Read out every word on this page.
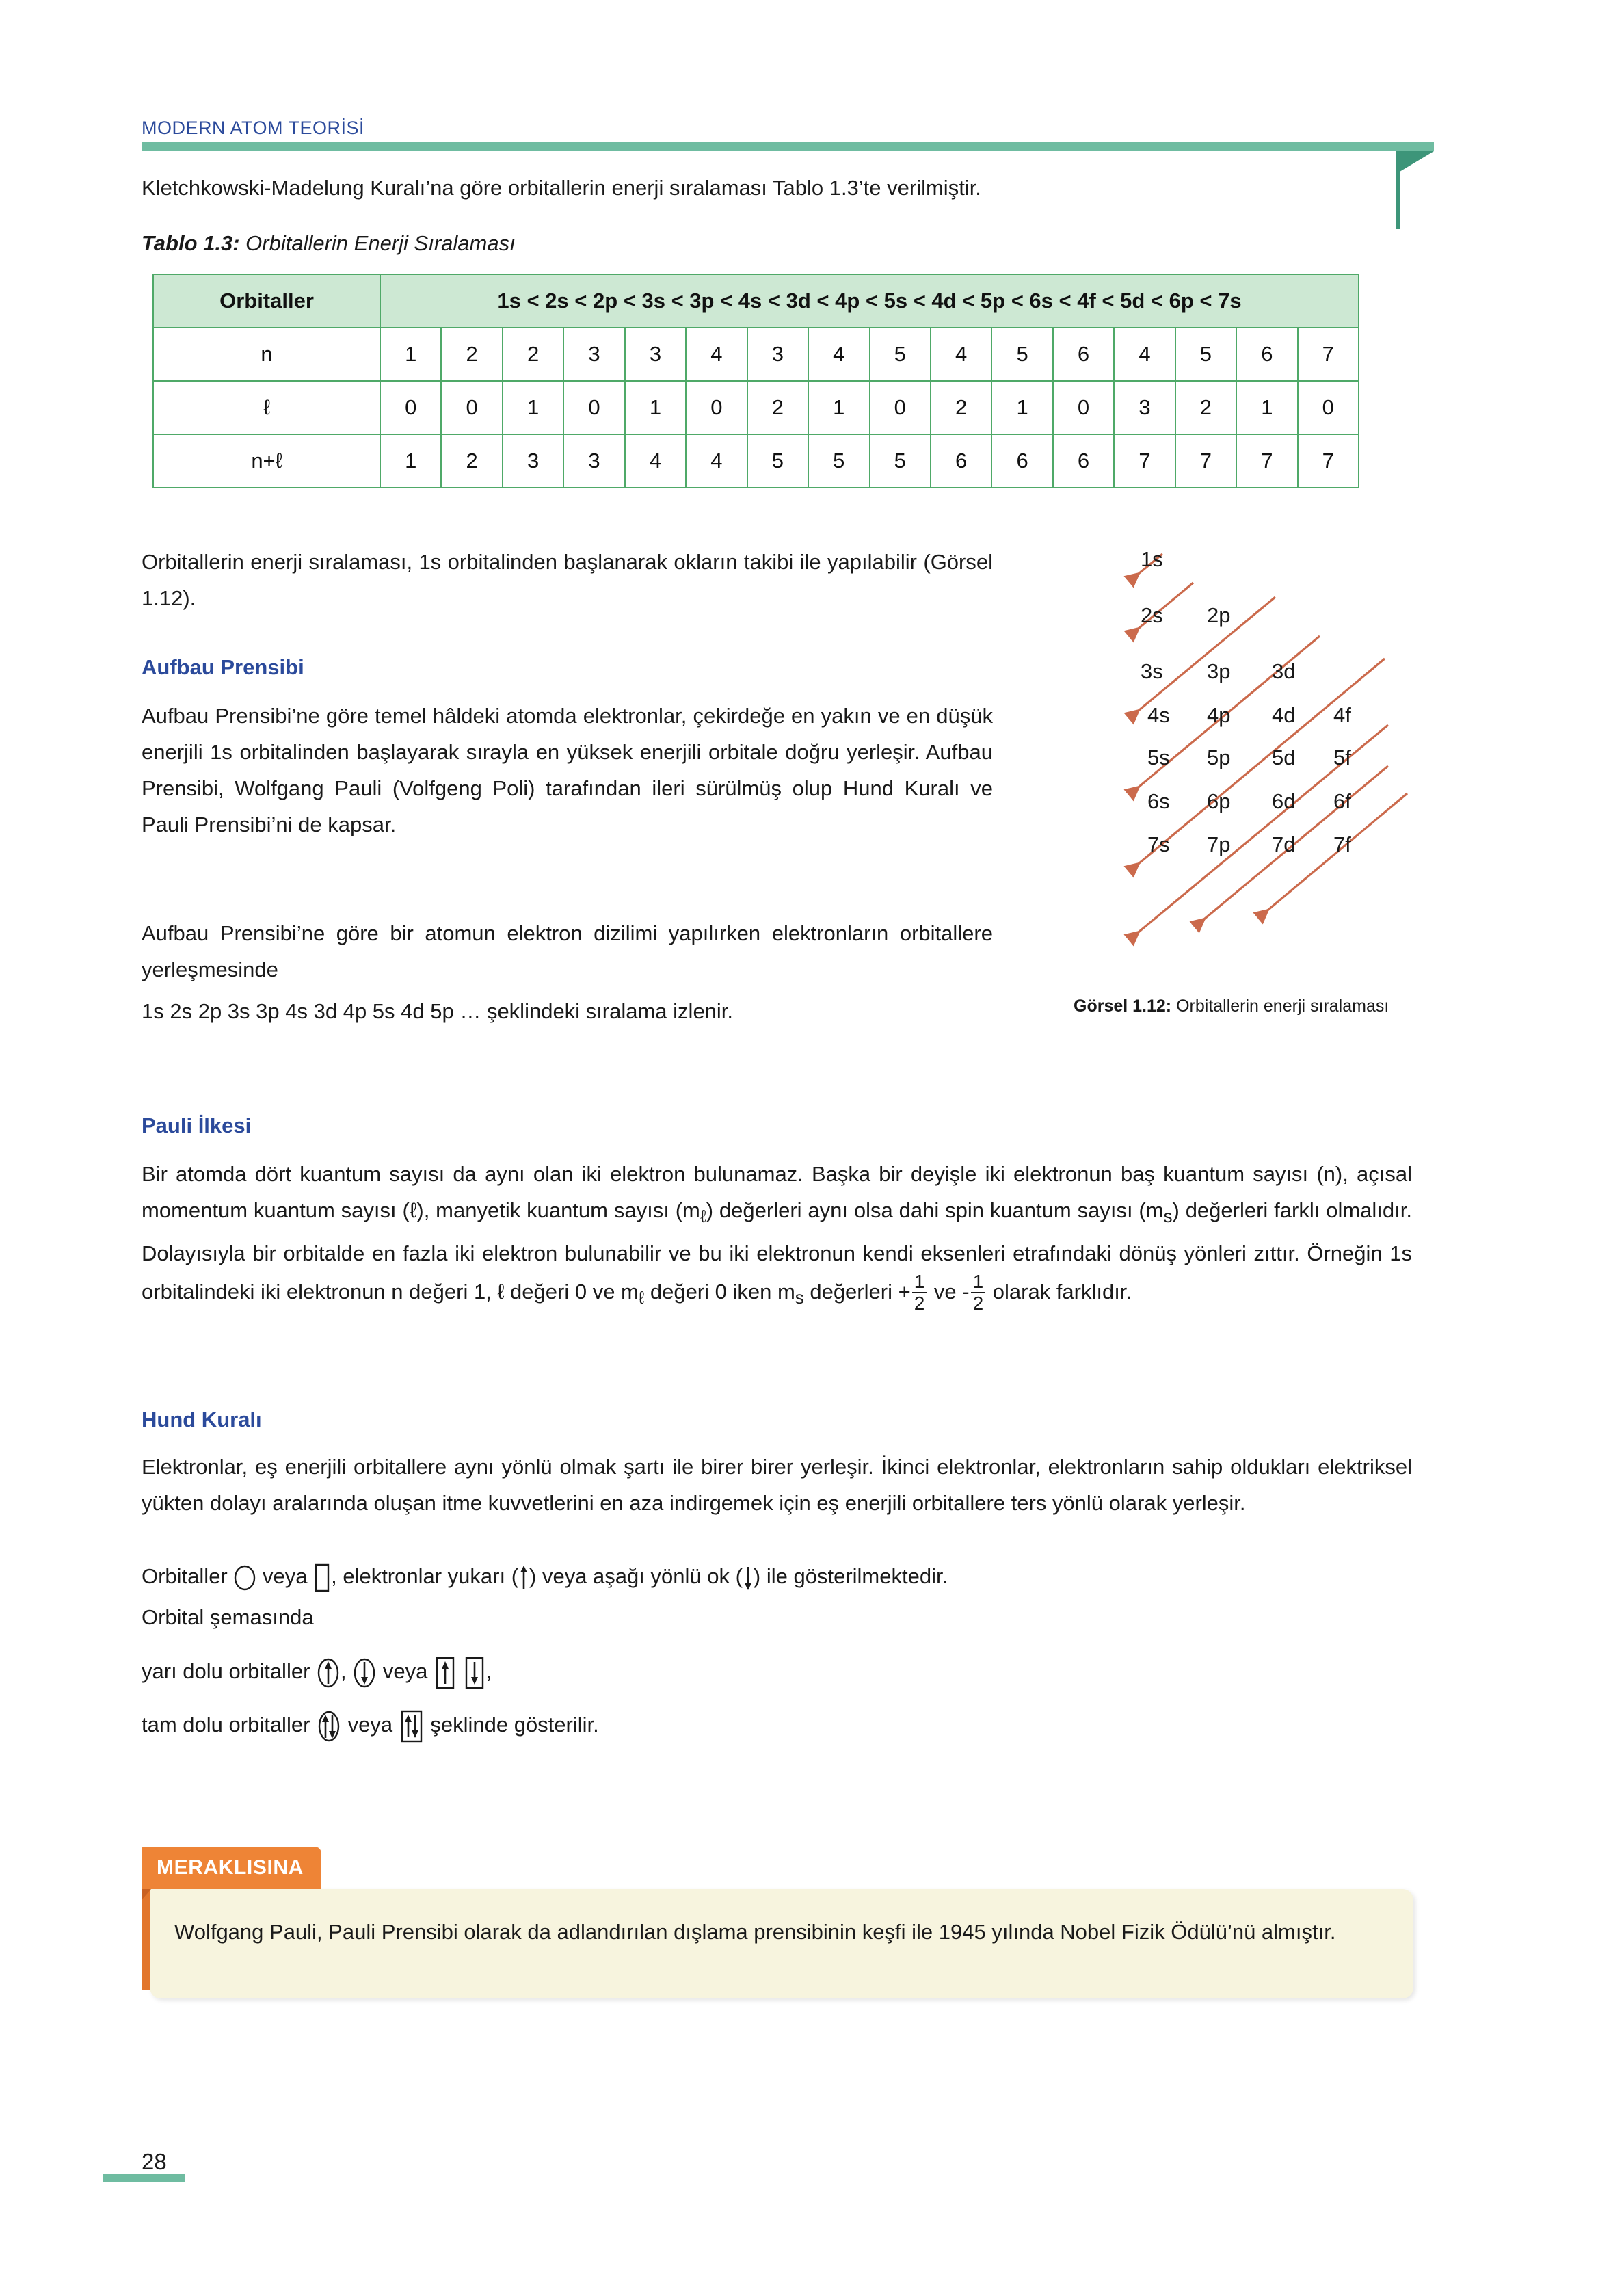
MODERN ATOM TEORİSİ
Kletchkowski-Madelung Kuralı’na göre orbitallerin enerji sıralaması Tablo 1.3’te verilmiştir.
Tablo 1.3: Orbitallerin Enerji Sıralaması
Orbitaller	1s < 2s < 2p < 3s < 3p < 4s < 3d < 4p < 5s < 4d < 5p < 6s < 4f < 5d < 6p < 7s															
n	1	2	2	3	3	4	3	4	5	4	5	6	4	5	6	7
ℓ	0	0	1	0	1	0	2	1	0	2	1	0	3	2	1	0
n+ℓ	1	2	3	3	4	4	5	5	5	6	6	6	7	7	7	7
Orbitallerin enerji sıralaması, 1s orbitalinden başlanarak okların takibi ile yapılabilir (Görsel 1.12).
Aufbau Prensibi
Aufbau Prensibi’ne göre temel hâldeki atomda elektronlar, çekirdeğe en yakın ve en düşük enerjili 1s orbitalinden başlayarak sırayla en yüksek enerjili orbitale doğru yerleşir. Aufbau Prensibi, Wolfgang Pauli (Volfgeng Poli) tarafından ileri sürülmüş olup Hund Kuralı ve Pauli Prensibi’ni de kapsar.
Aufbau Prensibi’ne göre bir atomun elektron dizilimi yapılırken elektronların orbitallere yerleşmesinde
1s 2s 2p 3s 3p 4s 3d 4p 5s 4d 5p … şeklindeki sıralama izlenir.
1s
2s 2p
3s 3p 3d
4s 4p 4d 4f
5s 5p 5d 5f
6s 6p 6d 6f
7s 7p 7d 7f
Görsel 1.12: Orbitallerin enerji sıralaması
Pauli İlkesi
Bir atomda dört kuantum sayısı da aynı olan iki elektron bulunamaz. Başka bir deyişle iki elektronun baş kuantum sayısı (n), açısal momentum kuantum sayısı (ℓ), manyetik kuantum sayısı $(m_\ell)$ değerleri aynı olsa dahi spin kuantum sayısı $(m_s)$ değerleri farklı olmalıdır. Dolayısıyla bir orbitalde en fazla iki elektron bulunabilir ve bu iki elektronun kendi eksenleri etrafındaki dönüş yönleri zıttır. Örneğin 1s orbitalindeki iki elektronun n değeri 1, ℓ değeri 0 ve $m_\ell$ değeri 0 iken $m_s$ değerleri + $\frac{1}{2}$ ve - $\frac{1}{2}$ olarak farklıdır.
Hund Kuralı
Elektronlar, eş enerjili orbitallere aynı yönlü olmak şartı ile birer birer yerleşir. İkinci elektronlar, elektronların sahip oldukları elektriksel yükten dolayı aralarında oluşan itme kuvvetlerini en aza indirgemek için eş enerjili orbitallere ters yönlü olarak yerleşir.
Orbitaller
veya
, elektronlar yukarı ( ) veya aşağı yönlü ok ( ) ile gösterilmektedir.
Orbital şemasında
yarı dolu orbitaller
,
veya

,
tam dolu orbitaller
veya
şeklinde gösterilir.
MERAKLISINA
Wolfgang Pauli, Pauli Prensibi olarak da adlandırılan dışlama prensibinin keşfi ile 1945 yılında Nobel Fizik Ödülü’nü almıştır.
28
